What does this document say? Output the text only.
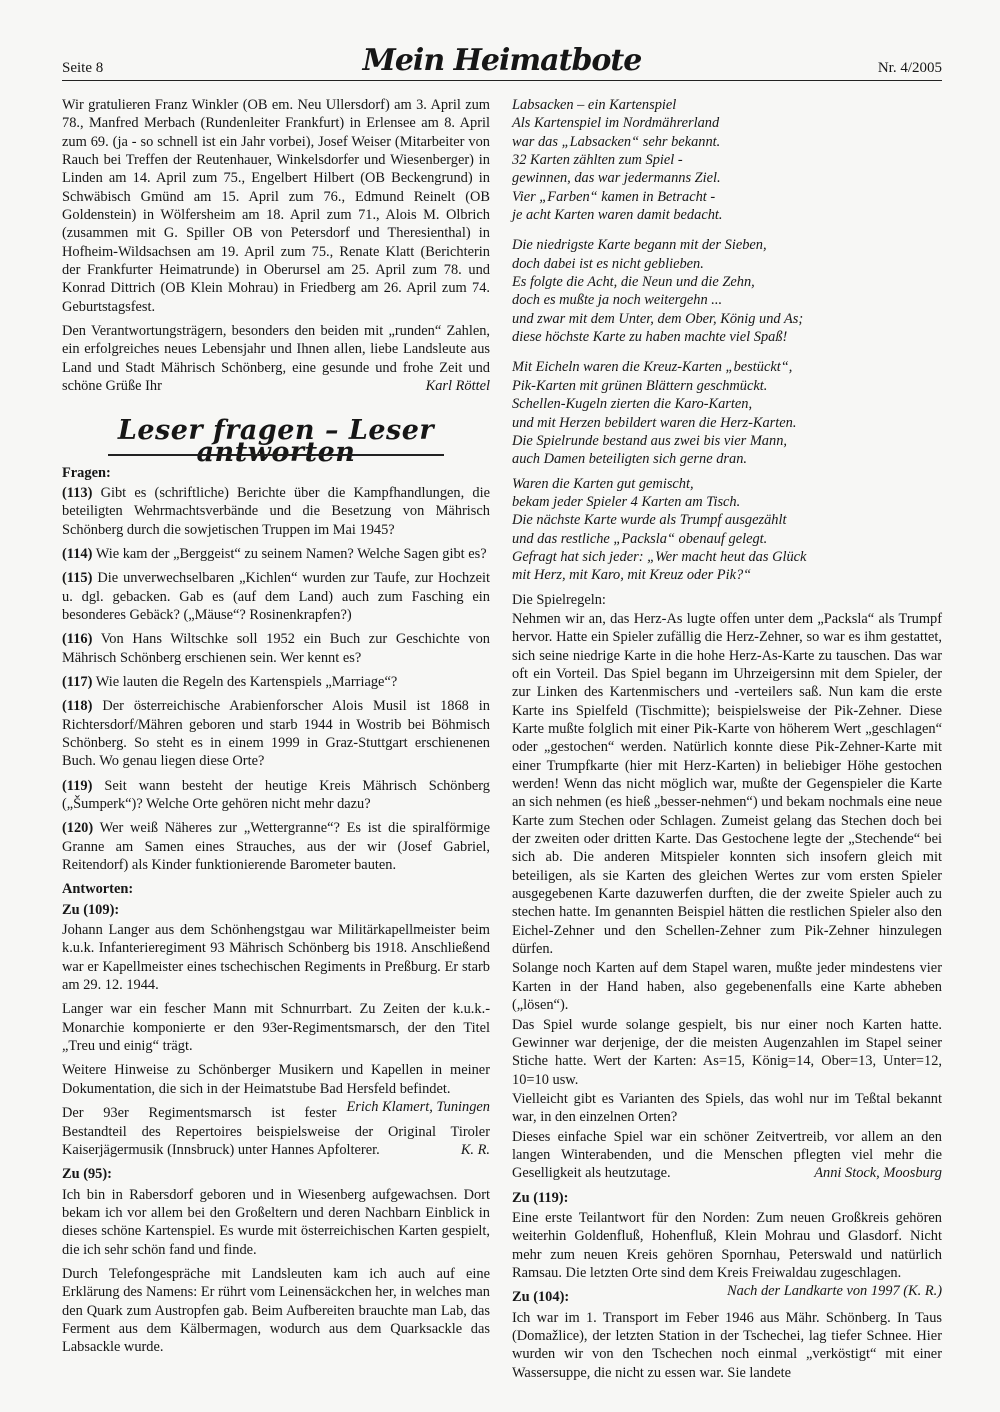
Seite 8	Mein Heimatbote	Nr. 4/2005

Wir gratulieren Franz Winkler (OB em. Neu Ullersdorf) am 3. April zum 78., Manfred Merbach (Rundenleiter Frankfurt) in Erlensee am 8. April zum 69. (ja - so schnell ist ein Jahr vorbei), Josef Weiser (Mitarbeiter von Rauch bei Treffen der Reutenhauer, Winkelsdorfer und Wiesenberger) in Linden am 14. April zum 75., Engelbert Hilbert (OB Beckengrund) in Schwäbisch Gmünd am 15. April zum 76., Edmund Reinelt (OB Goldenstein) in Wölfersheim am 18. April zum 71., Alois M. Olbrich (zusammen mit G. Spiller OB von Petersdorf und Theresienthal) in Hofheim-Wildsachsen am 19. April zum 75., Renate Klatt (Berichterin der Frankfurter Heimatrunde) in Oberursel am 25. April zum 78. und Konrad Dittrich (OB Klein Mohrau) in Friedberg am 26. April zum 74. Geburtstagsfest.

Den Verantwortungsträgern, besonders den beiden mit „runden“ Zahlen, ein erfolgreiches neues Lebensjahr und Ihnen allen, liebe Landsleute aus Land und Stadt Mährisch Schönberg, eine gesunde und frohe Zeit und schöne Grüße Ihr	Karl Röttel

Leser fragen – Leser antworten
Fragen:

(113) Gibt es (schriftliche) Berichte über die Kampfhandlungen, die beteiligten Wehrmachtsverbände und die Besetzung von Mährisch Schönberg durch die sowjetischen Truppen im Mai 1945?

(114) Wie kam der „Berggeist“ zu seinem Namen? Welche Sagen gibt es?

(115) Die unverwechselbaren „Kichlen“ wurden zur Taufe, zur Hochzeit u. dgl. gebacken. Gab es (auf dem Land) auch zum Fasching ein besonderes Gebäck? („Mäuse“? Rosinenkrapfen?)

(116) Von Hans Wiltschke soll 1952 ein Buch zur Geschichte von Mährisch Schönberg erschienen sein. Wer kennt es?

(117) Wie lauten die Regeln des Kartenspiels „Marriage“?

(118) Der österreichische Arabienforscher Alois Musil ist 1868 in Richtersdorf/Mähren geboren und starb 1944 in Wostrib bei Böhmisch Schönberg. So steht es in einem 1999 in Graz-Stuttgart erschienenen Buch. Wo genau liegen diese Orte?

(119) Seit wann besteht der heutige Kreis Mährisch Schönberg („Šumperk“)? Welche Orte gehören nicht mehr dazu?

(120) Wer weiß Näheres zur „Wettergranne“? Es ist die spiralförmige Granne am Samen eines Strauches, aus der wir (Josef Gabriel, Reitendorf) als Kinder funktionierende Barometer bauten.

Antworten:
Zu (109):

Johann Langer aus dem Schönhengstgau war Militärkapellmeister beim k.u.k. Infanterieregiment 93 Mährisch Schönberg bis 1918. Anschließend war er Kapellmeister eines tschechischen Regiments in Preßburg. Er starb am 29. 12. 1944.

Langer war ein fescher Mann mit Schnurrbart. Zu Zeiten der k.u.k.-Monarchie komponierte er den 93er-Regimentsmarsch, der den Titel „Treu und einig“ trägt.

Weitere Hinweise zu Schönberger Musikern und Kapellen in meiner Dokumentation, die sich in der Heimatstube Bad Hersfeld befindet.
Erich Klamert, Tuningen

Der 93er Regimentsmarsch ist fester Bestandteil des Repertoires beispielsweise der Original Tiroler Kaiserjägermusik (Innsbruck) unter Hannes Apfolterer.	K. R.

Zu (95):

Ich bin in Rabersdorf geboren und in Wiesenberg aufgewachsen. Dort bekam ich vor allem bei den Großeltern und deren Nachbarn Einblick in dieses schöne Kartenspiel. Es wurde mit österreichischen Karten gespielt, die ich sehr schön fand und finde.

Durch Telefongespräche mit Landsleuten kam ich auch auf eine Erklärung des Namens: Er rührt vom Leinensäckchen her, in welches man den Quark zum Austropfen gab. Beim Aufbereiten brauchte man Lab, das Ferment aus dem Kälbermagen, wodurch aus dem Quarksackle das Labsackle wurde.

Labsacken – ein Kartenspiel
Als Kartenspiel im Nordmährerland
war das „Labsacken“ sehr bekannt.
32 Karten zählten zum Spiel -
gewinnen, das war jedermanns Ziel.
Vier „Farben“ kamen in Betracht -
je acht Karten waren damit bedacht.
Die niedrigste Karte begann mit der Sieben,
doch dabei ist es nicht geblieben.
Es folgte die Acht, die Neun und die Zehn,
doch es mußte ja noch weitergehn ...
und zwar mit dem Unter, dem Ober, König und As;
diese höchste Karte zu haben machte viel Spaß!
Mit Eicheln waren die Kreuz-Karten „bestückt“,
Pik-Karten mit grünen Blättern geschmückt.
Schellen-Kugeln zierten die Karo-Karten,
und mit Herzen bebildert waren die Herz-Karten.
Die Spielrunde bestand aus zwei bis vier Mann,
auch Damen beteiligten sich gerne dran.
Waren die Karten gut gemischt,
bekam jeder Spieler 4 Karten am Tisch.
Die nächste Karte wurde als Trumpf ausgezählt
und das restliche „Packsla“ obenauf gelegt.
Gefragt hat sich jeder: „Wer macht heut das Glück
mit Herz, mit Karo, mit Kreuz oder Pik?“
Die Spielregeln:

Nehmen wir an, das Herz-As lugte offen unter dem „Packsla“ als Trumpf hervor. Hatte ein Spieler zufällig die Herz-Zehner, so war es ihm gestattet, sich seine niedrige Karte in die hohe Herz-As-Karte zu tauschen. Das war oft ein Vorteil. Das Spiel begann im Uhrzeigersinn mit dem Spieler, der zur Linken des Kartenmischers und -verteilers saß. Nun kam die erste Karte ins Spielfeld (Tischmitte); beispielsweise der Pik-Zehner. Diese Karte mußte folglich mit einer Pik-Karte von höherem Wert „geschlagen“ oder „gestochen“ werden. Natürlich konnte diese Pik-Zehner-Karte mit einer Trumpfkarte (hier mit Herz-Karten) in beliebiger Höhe gestochen werden! Wenn das nicht möglich war, mußte der Gegenspieler die Karte an sich nehmen (es hieß „besser-nehmen“) und bekam nochmals eine neue Karte zum Stechen oder Schlagen. Zumeist gelang das Stechen doch bei der zweiten oder dritten Karte. Das Gestochene legte der „Stechende“ bei sich ab. Die anderen Mitspieler konnten sich insofern gleich mit beteiligen, als sie Karten des gleichen Wertes zur vom ersten Spieler ausgegebenen Karte dazuwerfen durften, die der zweite Spieler auch zu stechen hatte. Im genannten Beispiel hätten die restlichen Spieler also den Eichel-Zehner und den Schellen-Zehner zum Pik-Zehner hinzulegen dürfen.

Solange noch Karten auf dem Stapel waren, mußte jeder mindestens vier Karten in der Hand haben, also gegebenenfalls eine Karte abheben („lösen“).

Das Spiel wurde solange gespielt, bis nur einer noch Karten hatte. Gewinner war derjenige, der die meisten Augenzahlen im Stapel seiner Stiche hatte. Wert der Karten: As=15, König=14, Ober=13, Unter=12, 10=10 usw.

Vielleicht gibt es Varianten des Spiels, das wohl nur im Teßtal bekannt war, in den einzelnen Orten?

Dieses einfache Spiel war ein schöner Zeitvertreib, vor allem an den langen Winterabenden, und die Menschen pflegten viel mehr die Geselligkeit als heutzutage.	Anni Stock, Moosburg

Zu (119):

Eine erste Teilantwort für den Norden: Zum neuen Großkreis gehören weiterhin Goldenfluß, Hohenfluß, Klein Mohrau und Glasdorf. Nicht mehr zum neuen Kreis gehören Spornhau, Peterswald und natürlich Ramsau. Die letzten Orte sind dem Kreis Freiwaldau zugeschlagen.
Nach der Landkarte von 1997 (K. R.)

Zu (104):

Ich war im 1. Transport im Feber 1946 aus Mähr. Schönberg. In Taus (Domažlice), der letzten Station in der Tschechei, lag tiefer Schnee. Hier wurden wir von den Tschechen noch einmal „verköstigt“ mit einer Wassersuppe, die nicht zu essen war. Sie landete
